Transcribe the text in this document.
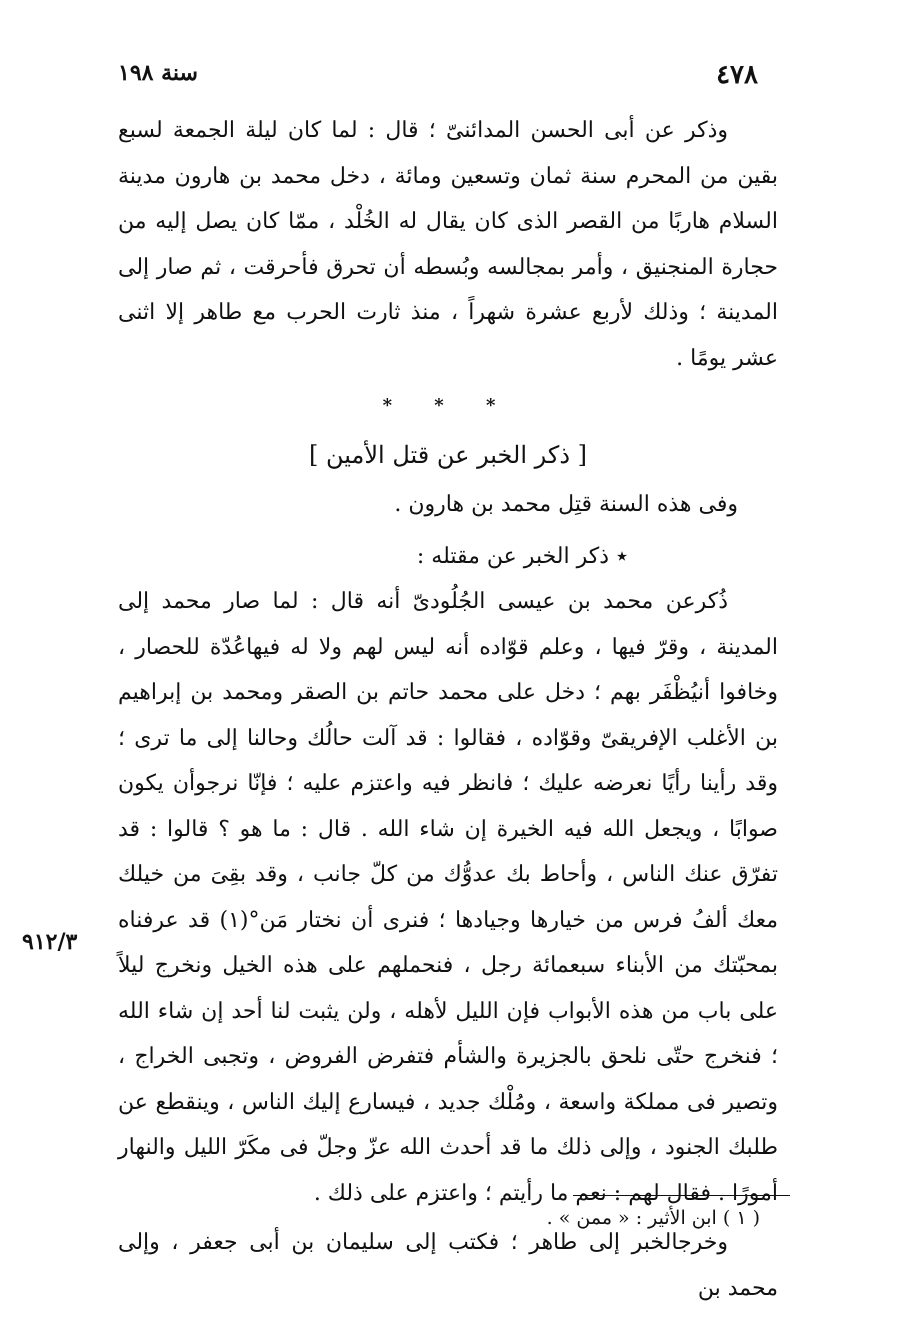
٤٧٨
سنة ١٩٨

وذكر عن أبى الحسن المدائنىّ ؛ قال : لما كان ليلة الجمعة لسبع بقين من المحرم سنة ثمان وتسعين ومائة ، دخل محمد بن هارون مدينة السلام هاربًا من القصر الذى كان يقال له الخُلْد ، ممّا كان يصل إليه من حجارة المنجنيق ، وأمر بمجالسه وبُسطه أن تحرق فأحرقت ، ثم صار إلى المدينة ؛ وذلك لأربع عشرة شهراً ، منذ ثارت الحرب مع طاهر إلا اثنى عشر يومًا .

* * *
[ ذكر الخبر عن قتل الأمين ]

وفى هذه السنة قتِل محمد بن هارون .

٭ ذكر الخبر عن مقتله :

ذُكرعن محمد بن عيسى الجُلُودىّ أنه قال : لما صار محمد إلى المدينة ، وقرّ فيها ، وعلم قوّاده أنه ليس لهم ولا له فيهاعُدّة للحصار ، وخافوا أنيُظْفَر بهم ؛ دخل على محمد حاتم بن الصقر ومحمد بن إبراهيم بن الأغلب الإفريقىّ وقوّاده ، فقالوا : قد آلت حالُك وحالنا إلى ما ترى ؛ وقد رأينا رأيًا نعرضه عليك ؛ فانظر فيه واعتزم عليه ؛ فإنّا نرجوأن يكون صوابًا ، ويجعل الله فيه الخيرة إن شاء الله . قال : ما هو ؟ قالوا : قد تفرّق عنك الناس ، وأحاط بك عدوُّك من كلّ جانب ، وقد بقِىَ من خيلك معك ألفُ فرس من خيارها وجيادها ؛ فنرى أن نختار مَن°(١) قد عرفناه بمحبّتك من الأبناء سبعمائة رجل ، فنحملهم على هذه الخيل ونخرج ليلاً على باب من هذه الأبواب فإن الليل لأهله ، ولن يثبت لنا أحد إن شاء الله ؛ فنخرج حتّى نلحق بالجزيرة والشأم فتفرض الفروض ، وتجبى الخراج ، وتصير فى مملكة واسعة ، ومُلْك جديد ، فيسارع إليك الناس ، وينقطع عن طلبك الجنود ، وإلى ذلك ما قد أحدث الله عزّ وجلّ فى مكَرّ الليل والنهار أمورًا . فقال لهم : نعم ما رأيتم ؛ واعتزم على ذلك .

وخرجالخبر إلى طاهر ؛ فكتب إلى سليمان بن أبى جعفر ، وإلى محمد بن

٩١٢/٣
( ١ ) ابن الأثير : « ممن » .
